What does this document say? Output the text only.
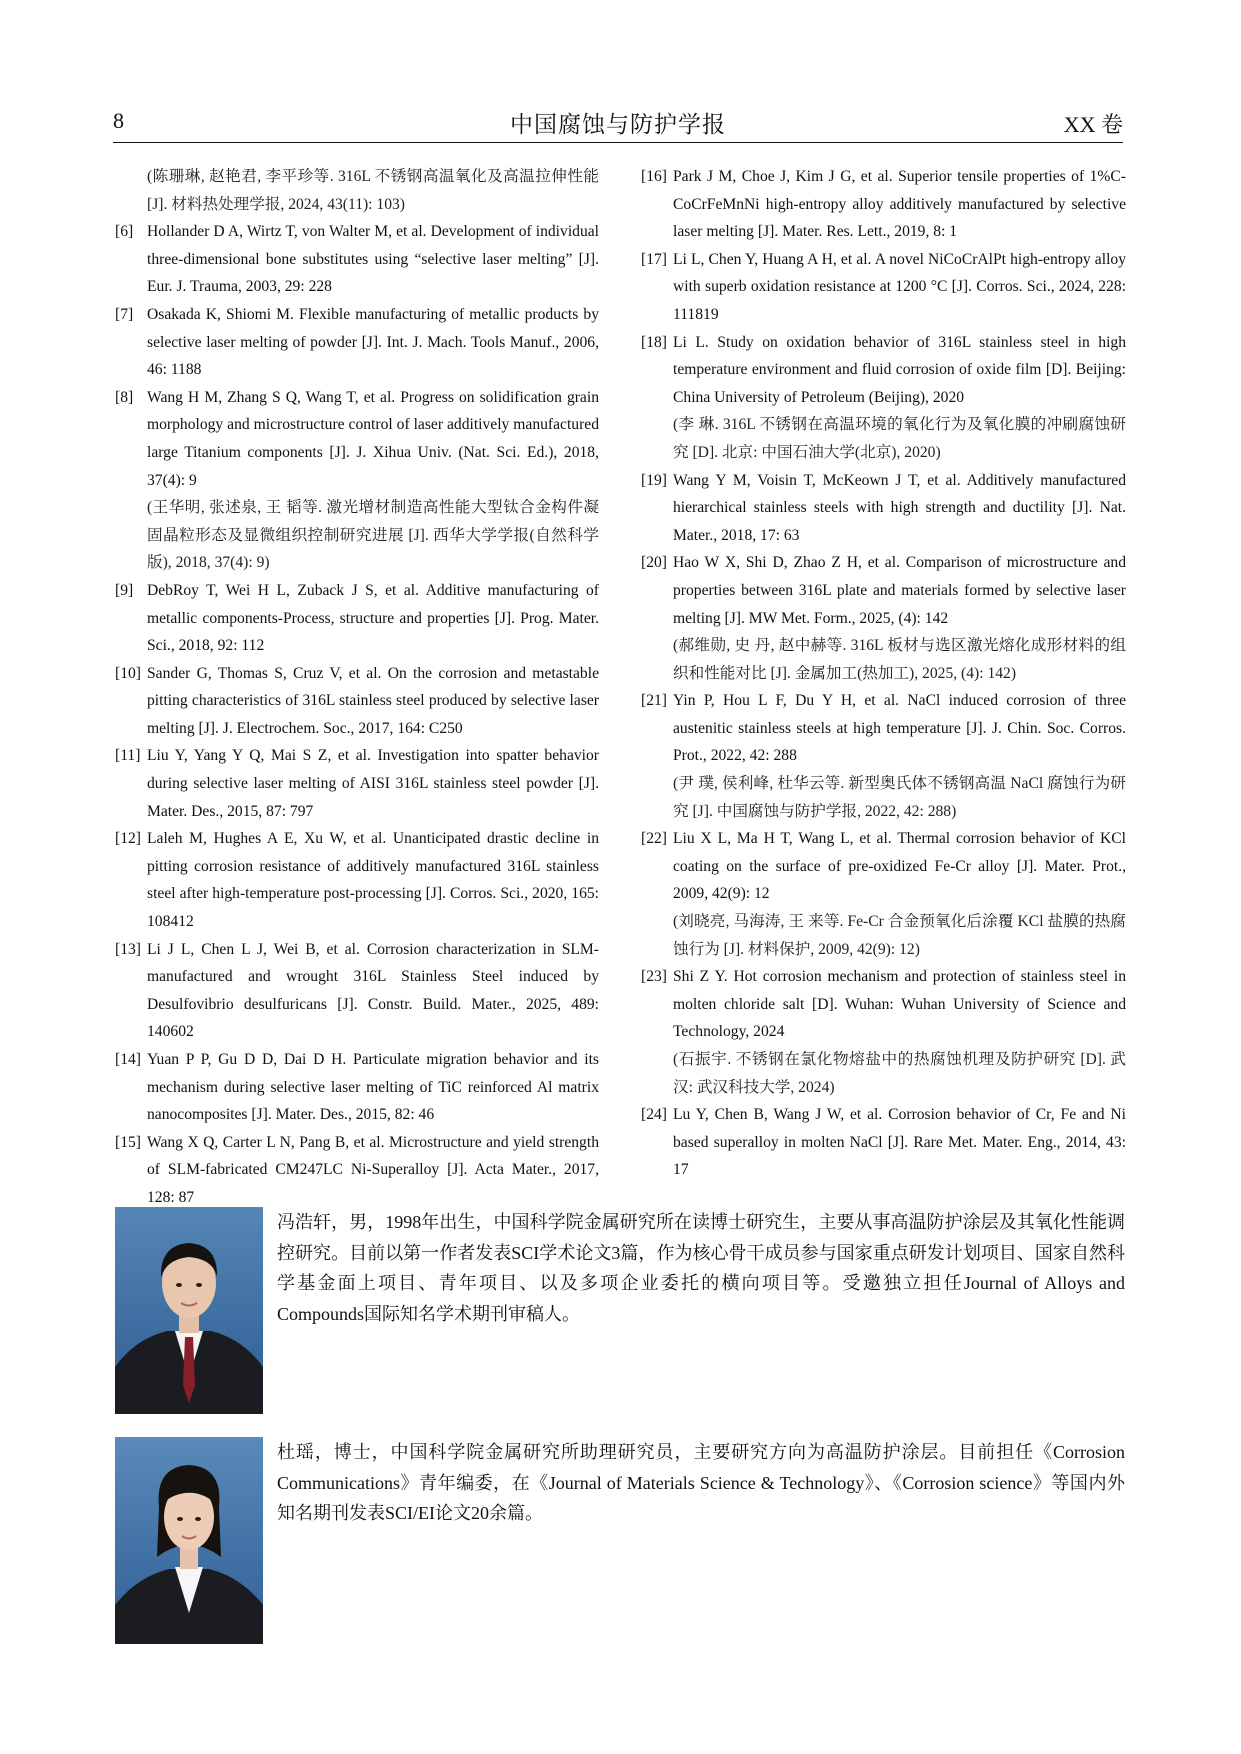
8	中国腐蚀与防护学报	XX 卷
(陈珊琳, 赵艳君, 李平珍等. 316L 不锈钢高温氧化及高温拉伸性能 [J]. 材料热处理学报, 2024, 43(11): 103)
[6] Hollander D A, Wirtz T, von Walter M, et al. Development of individual three-dimensional bone substitutes using “selective laser melting” [J]. Eur. J. Trauma, 2003, 29: 228
[7] Osakada K, Shiomi M. Flexible manufacturing of metallic products by selective laser melting of powder [J]. Int. J. Mach. Tools Manuf., 2006, 46: 1188
[8] Wang H M, Zhang S Q, Wang T, et al. Progress on solidification grain morphology and microstructure control of laser additively manufactured large Titanium components [J]. J. Xihua Univ. (Nat. Sci. Ed.), 2018, 37(4): 9
(王华明, 张述泉, 王 韬等. 激光增材制造高性能大型钛合金构件凝固晶粒形态及显微组织控制研究进展 [J]. 西华大学学报(自然科学版), 2018, 37(4): 9)
[9] DebRoy T, Wei H L, Zuback J S, et al. Additive manufacturing of metallic components-Process, structure and properties [J]. Prog. Mater. Sci., 2018, 92: 112
[10] Sander G, Thomas S, Cruz V, et al. On the corrosion and metastable pitting characteristics of 316L stainless steel produced by selective laser melting [J]. J. Electrochem. Soc., 2017, 164: C250
[11] Liu Y, Yang Y Q, Mai S Z, et al. Investigation into spatter behavior during selective laser melting of AISI 316L stainless steel powder [J]. Mater. Des., 2015, 87: 797
[12] Laleh M, Hughes A E, Xu W, et al. Unanticipated drastic decline in pitting corrosion resistance of additively manufactured 316L stainless steel after high-temperature post-processing [J]. Corros. Sci., 2020, 165: 108412
[13] Li J L, Chen L J, Wei B, et al. Corrosion characterization in SLM-manufactured and wrought 316L Stainless Steel induced by Desulfovibrio desulfuricans [J]. Constr. Build. Mater., 2025, 489: 140602
[14] Yuan P P, Gu D D, Dai D H. Particulate migration behavior and its mechanism during selective laser melting of TiC reinforced Al matrix nanocomposites [J]. Mater. Des., 2015, 82: 46
[15] Wang X Q, Carter L N, Pang B, et al. Microstructure and yield strength of SLM-fabricated CM247LC Ni-Superalloy [J]. Acta Mater., 2017, 128: 87
[16] Park J M, Choe J, Kim J G, et al. Superior tensile properties of 1%C-CoCrFeMnNi high-entropy alloy additively manufactured by selective laser melting [J]. Mater. Res. Lett., 2019, 8: 1
[17] Li L, Chen Y, Huang A H, et al. A novel NiCoCrAlPt high-entropy alloy with superb oxidation resistance at 1200 °C [J]. Corros. Sci., 2024, 228: 111819
[18] Li L. Study on oxidation behavior of 316L stainless steel in high temperature environment and fluid corrosion of oxide film [D]. Beijing: China University of Petroleum (Beijing), 2020
(李 琳. 316L 不锈钢在高温环境的氧化行为及氧化膜的冲刷腐蚀研究 [D]. 北京: 中国石油大学(北京), 2020)
[19] Wang Y M, Voisin T, McKeown J T, et al. Additively manufactured hierarchical stainless steels with high strength and ductility [J]. Nat. Mater., 2018, 17: 63
[20] Hao W X, Shi D, Zhao Z H, et al. Comparison of microstructure and properties between 316L plate and materials formed by selective laser melting [J]. MW Met. Form., 2025, (4): 142
(郝维勋, 史 丹, 赵中赫等. 316L 板材与选区激光熔化成形材料的组织和性能对比 [J]. 金属加工(热加工), 2025, (4): 142)
[21] Yin P, Hou L F, Du Y H, et al. NaCl induced corrosion of three austenitic stainless steels at high temperature [J]. J. Chin. Soc. Corros. Prot., 2022, 42: 288
(尹 璞, 侯利峰, 杜华云等. 新型奥氏体不锈钢高温 NaCl 腐蚀行为研究 [J]. 中国腐蚀与防护学报, 2022, 42: 288)
[22] Liu X L, Ma H T, Wang L, et al. Thermal corrosion behavior of KCl coating on the surface of pre-oxidized Fe-Cr alloy [J]. Mater. Prot., 2009, 42(9): 12
(刘晓亮, 马海涛, 王 来等. Fe-Cr 合金预氧化后涂覆 KCl 盐膜的热腐蚀行为 [J]. 材料保护, 2009, 42(9): 12)
[23] Shi Z Y. Hot corrosion mechanism and protection of stainless steel in molten chloride salt [D]. Wuhan: Wuhan University of Science and Technology, 2024
(石振宇. 不锈钢在氯化物熔盐中的热腐蚀机理及防护研究 [D]. 武汉: 武汉科技大学, 2024)
[24] Lu Y, Chen B, Wang J W, et al. Corrosion behavior of Cr, Fe and Ni based superalloy in molten NaCl [J]. Rare Met. Mater. Eng., 2014, 43: 17
冯浩轩，男，1998年出生，中国科学院金属研究所在读博士研究生，主要从事高温防护涂层及其氧化性能调控研究。目前以第一作者发表SCI学术论文3篇，作为核心骨干成员参与国家重点研发计划项目、国家自然科学基金面上项目、青年项目、以及多项企业委托的横向项目等。受邀独立担任Journal of Alloys and Compounds国际知名学术期刊审稿人。
杜瑶，博士，中国科学院金属研究所助理研究员，主要研究方向为高温防护涂层。目前担任《Corrosion Communications》青年编委，在《Journal of Materials Science & Technology》、《Corrosion science》等国内外知名期刊发表SCI/EI论文20余篇。
